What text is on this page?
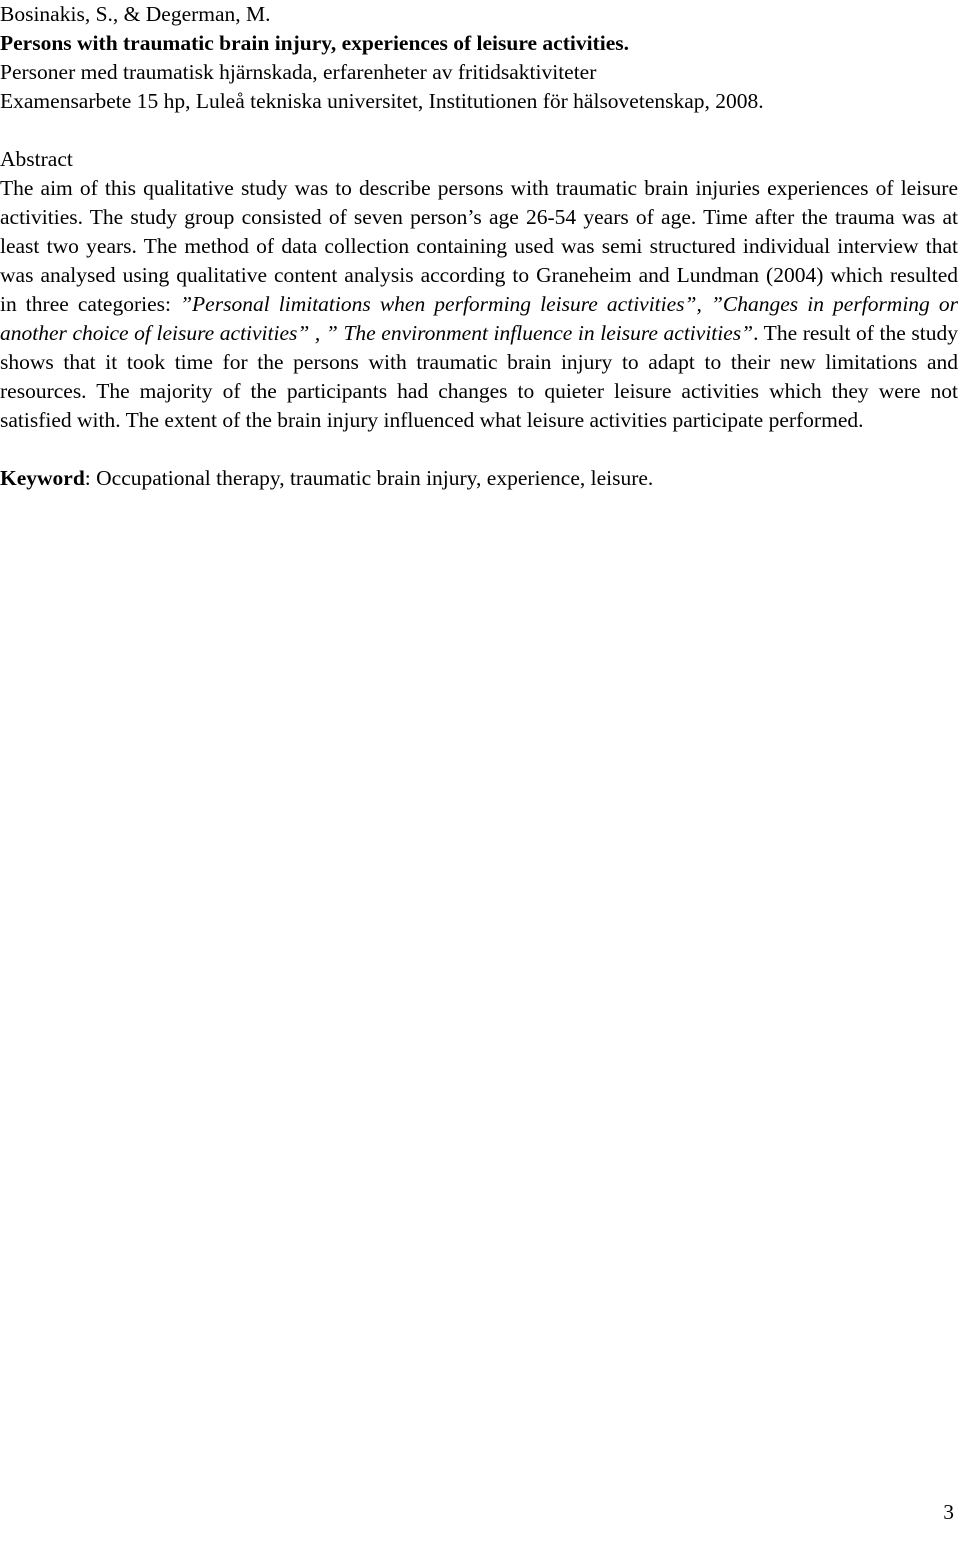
Bosinakis, S., & Degerman, M.

Persons with traumatic brain injury, experiences of leisure activities.

Personer med traumatisk hjärnskada, erfarenheter av fritidsaktiviteter

Examensarbete 15 hp, Luleå tekniska universitet, Institutionen för hälsovetenskap, 2008.

Abstract

The aim of this qualitative study was to describe persons with traumatic brain injuries experiences of leisure activities. The study group consisted of seven person’s age 26-54 years of age. Time after the trauma was at least two years. The method of data collection containing used was semi structured individual interview that was analysed using qualitative content analysis according to Graneheim and Lundman (2004) which resulted in three categories: ”Personal limitations when performing leisure activities”, ”Changes in performing or another choice of leisure activities” , ” The environment influence in leisure activities”. The result of the study shows that it took time for the persons with traumatic brain injury to adapt to their new limitations and resources. The majority of the participants had changes to quieter leisure activities which they were not satisfied with. The extent of the brain injury influenced what leisure activities participate performed.

Keyword: Occupational therapy, traumatic brain injury, experience, leisure.

3
